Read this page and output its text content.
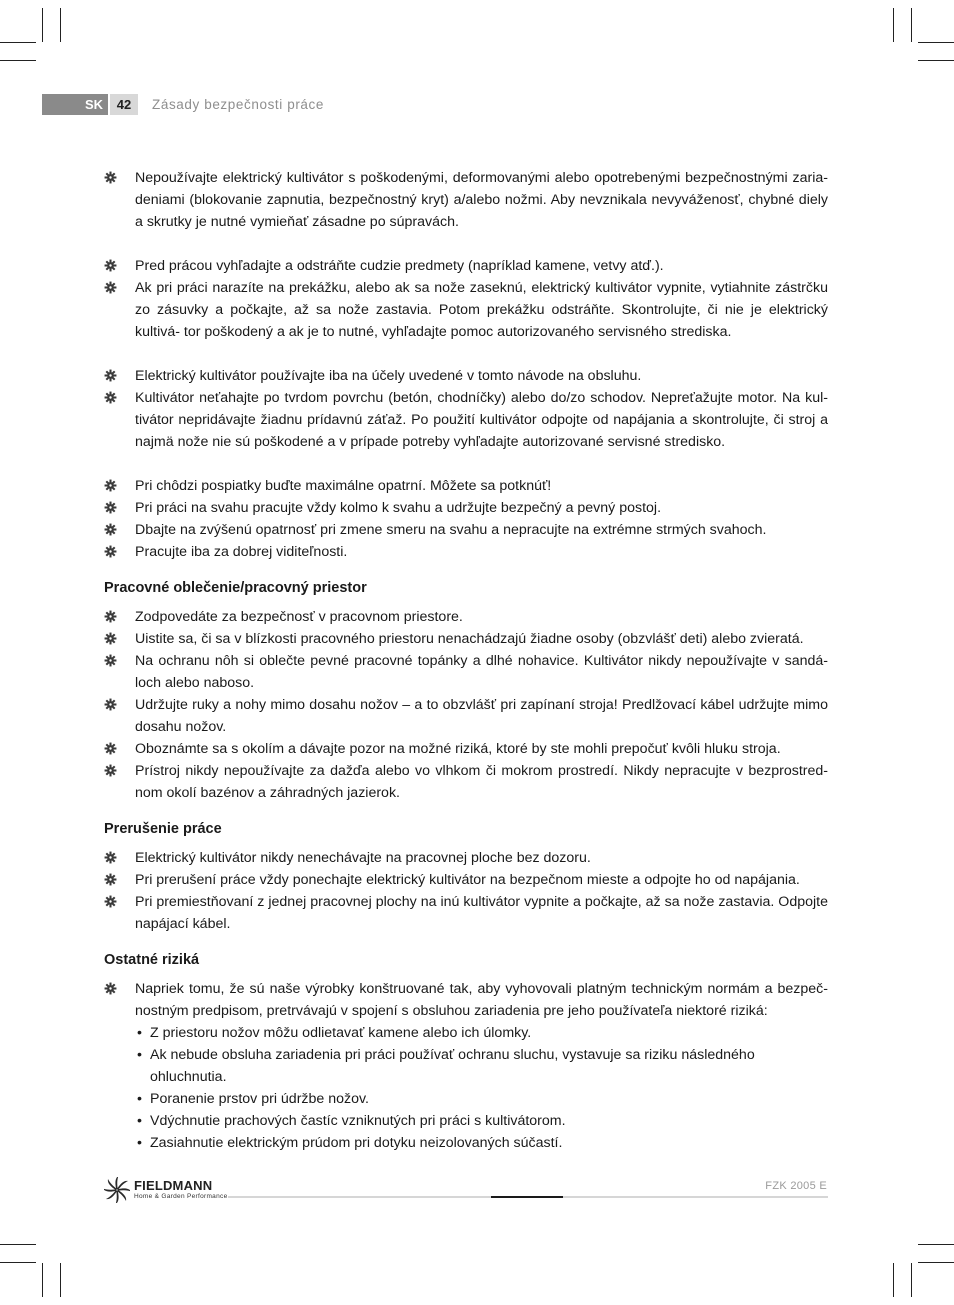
SK	42	Zásady bezpečnosti práce
Nepoužívajte elektrický kultivátor s poškodenými, deformovanými alebo opotrebenými bezpečnostnými zaria- deniami (blokovanie zapnutia, bezpečnostný kryt) a/alebo nožmi. Aby nevznikala nevyváženosť, chybné diely a skrutky je nutné vymieňať zásadne po súpravách.
Pred prácou vyhľadajte a odstráňte cudzie predmety (napríklad kamene, vetvy atď.).
Ak pri práci narazíte na prekážku, alebo ak sa nože zaseknú, elektrický kultivátor vypnite, vytiahnite zástrčku zo zásuvky a počkajte, až sa nože zastavia. Potom prekážku odstráňte. Skontrolujte, či nie je elektrický kultivá- tor poškodený a ak je to nutné, vyhľadajte pomoc autorizovaného servisného strediska.
Elektrický kultivátor používajte iba na účely uvedené v tomto návode na obsluhu.
Kultivátor neťahajte po tvrdom povrchu (betón, chodníčky) alebo do/zo schodov. Nepreťažujte motor. Na kul- tivátor nepridávajte žiadnu prídavnú záťaž. Po použití kultivátor odpojte od napájania a skontrolujte, či stroj a najmä nože nie sú poškodené a v prípade potreby vyhľadajte autorizované servisné stredisko.
Pri chôdzi pospiatky buďte maximálne opatrní. Môžete sa potknúť!
Pri práci na svahu pracujte vždy kolmo k svahu a udržujte bezpečný a pevný postoj.
Dbajte na zvýšenú opatrnosť pri zmene smeru na svahu a nepracujte na extrémne strmých svahoch.
Pracujte iba za dobrej viditeľnosti.
Pracovné oblečenie/pracovný priestor
Zodpovedáte za bezpečnosť v pracovnom priestore.
Uistite sa, či sa v blízkosti pracovného priestoru nenachádzajú žiadne osoby (obzvlášť deti) alebo zvieratá.
Na ochranu nôh si oblečte pevné pracovné topánky a dlhé nohavice. Kultivátor nikdy nepoužívajte v sandá- loch alebo naboso.
Udržujte ruky a nohy mimo dosahu nožov – a to obzvlášť pri zapínaní stroja! Predlžovací kábel udržujte mimo dosahu nožov.
Oboznámte sa s okolím a dávajte pozor na možné riziká, ktoré by ste mohli prepočuť kvôli hluku stroja.
Prístroj nikdy nepoužívajte za dažďa alebo vo vlhkom či mokrom prostredí. Nikdy nepracujte v bezprostred- nom okolí bazénov a záhradných jazierok.
Prerušenie práce
Elektrický kultivátor nikdy nenechávajte na pracovnej ploche bez dozoru.
Pri prerušení práce vždy ponechajte elektrický kultivátor na bezpečnom mieste a odpojte ho od napájania.
Pri premiestňovaní z jednej pracovnej plochy na inú kultivátor vypnite a počkajte, až sa nože zastavia. Odpojte napájací kábel.
Ostatné riziká
Napriek tomu, že sú naše výrobky konštruované tak, aby vyhovovali platným technickým normám a bezpeč- nostným predpisom, pretrvávajú v spojení s obsluhou zariadenia pre jeho používateľa niektoré riziká:
• Z priestoru nožov môžu odlietavať kamene alebo ich úlomky.
• Ak nebude obsluha zariadenia pri práci používať ochranu sluchu, vystavuje sa riziku následného ohluchnutia.
• Poranenie prstov pri údržbe nožov.
• Vdýchnutie prachových častíc vzniknutých pri práci s kultivátorom.
• Zasiahnutie elektrickým prúdom pri dotyku neizolovaných súčastí.
FIELDMANN
Home & Garden Performance
FZK 2005 E
